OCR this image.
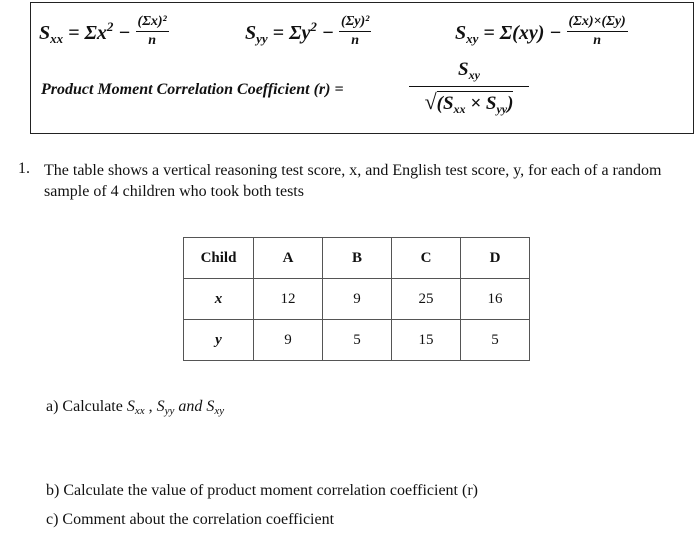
$S_{xx} = \Sigma x^2 - \frac{\text{(Σx)²}}{n}$	$S_{yy} = \Sigma y^2 - \frac{\text{(Σy)²}}{n}$	$S_{xy} = \Sigma(xy) - \frac{(\Sigma x)\times(\Sigma y)}{n}$
Product Moment Correlation Coefficient (r) =
$S_{xy}$
$√(S_{xx} \times S_{yy})$
1. The table shows a vertical reasoning test score, x, and English test score, y, for each of a random sample of 4 children who took both tests
Child	A	B	C	D
x	12	9	25	16
y	9	5	15	5
a) Calculate $S_{xx}$ , $S_{yy}$ and $S_{xy}$
b) Calculate the value of product moment correlation coefficient (r)
c) Comment about the correlation coefficient
